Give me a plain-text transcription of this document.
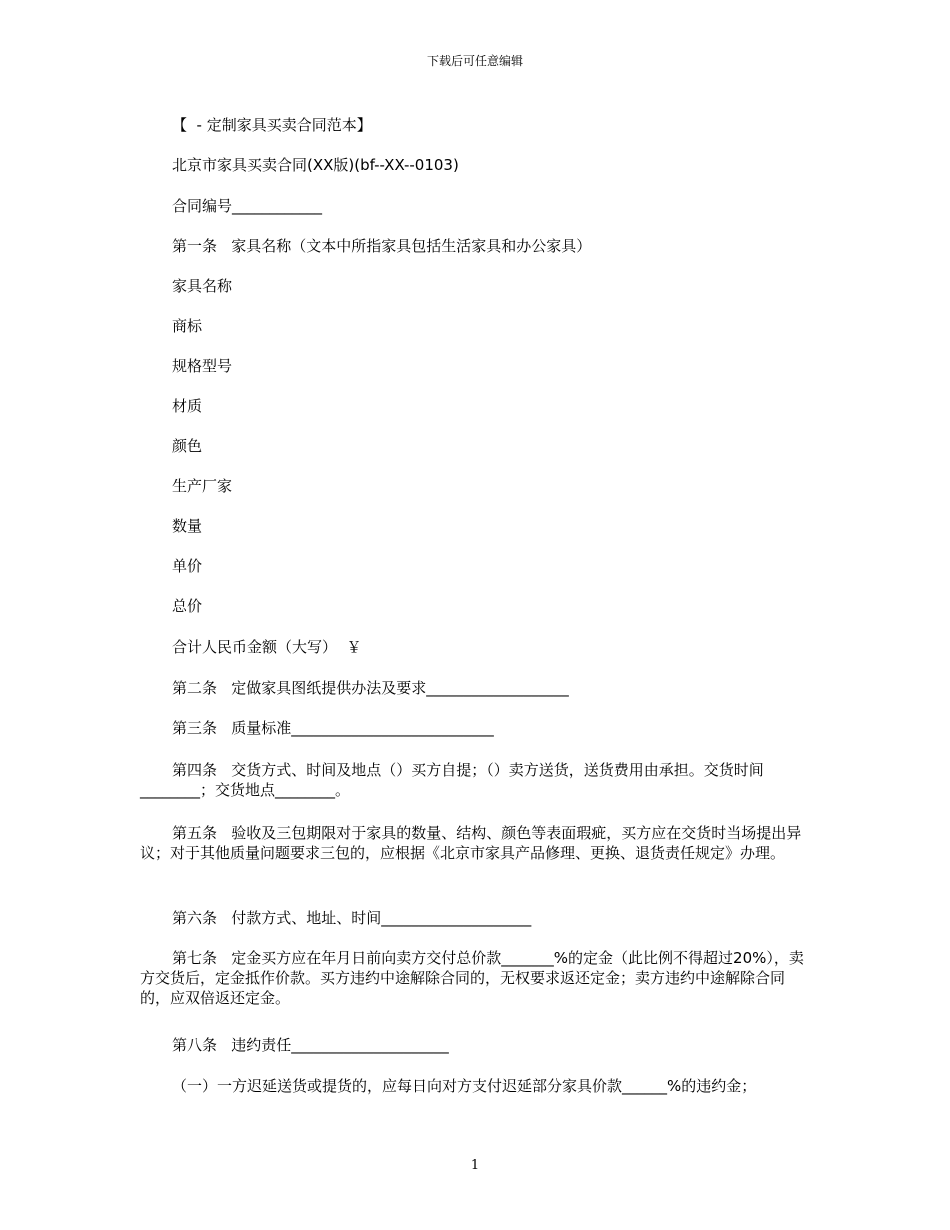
下载后可任意编辑
【  - 定制家具买卖合同范本】
北京市家具买卖合同(XX版)(bf--XX--0103)
合同编号____________
第一条   家具名称（文本中所指家具包括生活家具和办公家具）
家具名称
商标
规格型号
材质
颜色
生产厂家
数量
单价
总价
合计人民币金额（大写）  ￥
第二条   定做家具图纸提供办法及要求___________________
第三条   质量标准___________________________
第四条   交货方式、时间及地点（）买方自提；（）卖方送货，送货费用由承担。交货时间________；交货地点________。
第五条   验收及三包期限对于家具的数量、结构、颜色等表面瑕疵，买方应在交货时当场提出异议；对于其他质量问题要求三包的，应根据《北京市家具产品修理、更换、退货责任规定》办理。
第六条   付款方式、地址、时间____________________
第七条   定金买方应在年月日前向卖方交付总价款_______%的定金（此比例不得超过20%），卖方交货后，定金抵作价款。买方违约中途解除合同的，无权要求返还定金；卖方违约中途解除合同的，应双倍返还定金。
第八条   违约责任_____________________
（一）一方迟延送货或提货的，应每日向对方支付迟延部分家具价款______%的违约金；
1
